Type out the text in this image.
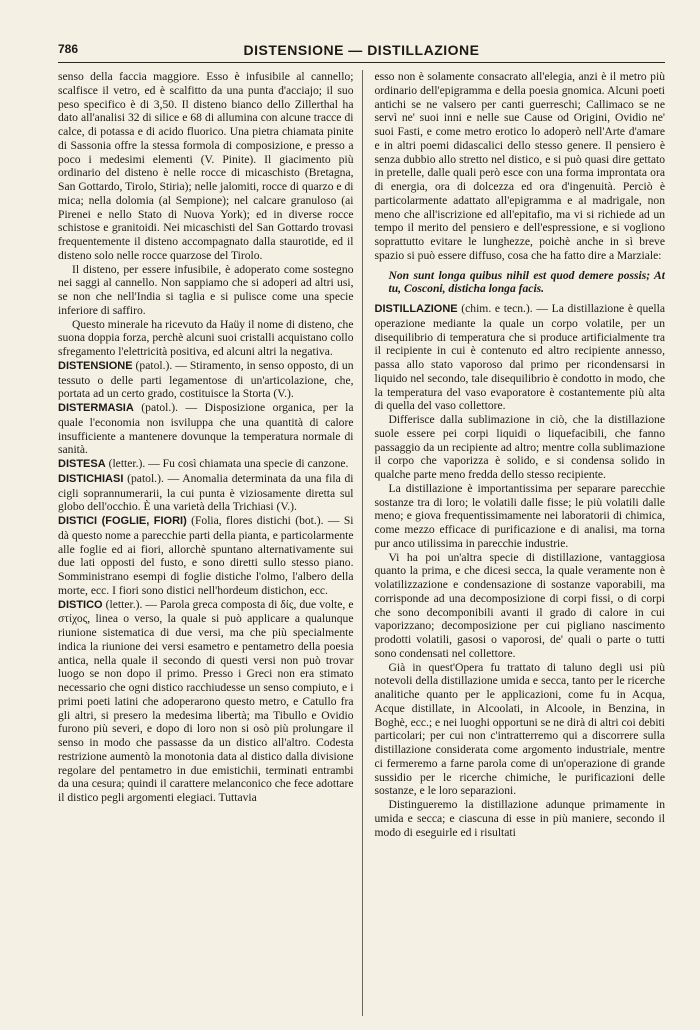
786	DISTENSIONE — DISTILLAZIONE

senso della faccia maggiore. Esso è infusibile al cannello; scalfisce il vetro, ed è scalfitto da una punta d'acciajo; il suo peso specifico è di 3,50. Il disteno bianco dello Zillerthal ha dato all'analisi 32 di silice e 68 di allumina con alcune tracce di calce, di potassa e di acido fluorico. Una pietra chiamata pinite di Sassonia offre la stessa formola di composizione, e presso a poco i medesimi elementi (V. Pinite). Il giacimento più ordinario del disteno è nelle rocce di micaschisto (Bretagna, San Gottardo, Tirolo, Stiria); nelle jalomiti, rocce di quarzo e di mica; nella dolomia (al Sempione); nel calcare granuloso (ai Pirenei e nello Stato di Nuova York); ed in diverse rocce schistose e granitoidi. Nei micaschisti del San Gottardo trovasi frequentemente il disteno accompagnato dalla staurotide, ed il disteno solo nelle rocce quarzose del Tirolo.

Il disteno, per essere infusibile, è adoperato come sostegno nei saggi al cannello. Non sappiamo che si adoperi ad altri usi, se non che nell'India si taglia e si pulisce come una specie inferiore di saffiro.

Questo minerale ha ricevuto da Haüy il nome di disteno, che suona doppia forza, perchè alcuni suoi cristalli acquistano collo sfregamento l'elettricità positiva, ed alcuni altri la negativa.

DISTENSIONE (patol.). — Stiramento, in senso opposto, di un tessuto o delle parti legamentose di un'articolazione, che, portata ad un certo grado, costituisce la Storta (V.).

DISTERMASIA (patol.). — Disposizione organica, per la quale l'economia non isviluppa che una quantità di calore insufficiente a mantenere dovunque la temperatura normale di sanità.

DISTESA (letter.). — Fu così chiamata una specie di canzone.

DISTICHIASI (patol.). — Anomalia determinata da una fila di cigli soprannumerarii, la cui punta è viziosamente diretta sul globo dell'occhio. È una varietà della Trichiasi (V.).

DISTICI (FOGLIE, FIORI) (Folia, flores distichi (bot.). — Si dà questo nome a parecchie parti della pianta, e particolarmente alle foglie ed ai fiori, allorchè spuntano alternativamente sui due lati opposti del fusto, e sono diretti sullo stesso piano. Somministrano esempi di foglie distiche l'olmo, l'albero della morte, ecc. I fiori sono distici nell'hordeum distichon, ecc.

DISTICO (letter.). — Parola greca composta di δίς, due volte, e στίχος, linea o verso, la quale si può applicare a qualunque riunione sistematica di due versi, ma che più specialmente indica la riunione dei versi esametro e pentametro della poesia antica, nella quale il secondo di questi versi non può trovar luogo se non dopo il primo. Presso i Greci non era stimato necessario che ogni distico racchiudesse un senso compiuto, e i primi poeti latini che adoperarono questo metro, e Catullo fra gli altri, si presero la medesima libertà; ma Tibullo e Ovidio furono più severi, e dopo di loro non si osò più prolungare il senso in modo che passasse da un distico all'altro. Codesta restrizione aumentò la monotonia data al distico dalla divisione regolare del pentametro in due emistichii, terminati entrambi da una cesura; quindi il carattere melanconico che fece adottare il distico pegli argomenti elegiaci. Tuttavia

esso non è solamente consacrato all'elegia, anzi è il metro più ordinario dell'epigramma e della poesia gnomica. Alcuni poeti antichi se ne valsero per canti guerreschi; Callimaco se ne servì ne' suoi inni e nelle sue Cause od Origini, Ovidio ne' suoi Fasti, e come metro erotico lo adoperò nell'Arte d'amare e in altri poemi didascalici dello stesso genere. Il pensiero è senza dubbio allo stretto nel distico, e si può quasi dire gettato in pretelle, dalle quali però esce con una forma improntata ora di energia, ora di dolcezza ed ora d'ingenuità. Perciò è particolarmente adattato all'epigramma e al madrigale, non meno che all'iscrizione ed all'epitafio, ma vi si richiede ad un tempo il merito del pensiero e dell'espressione, e si vogliono soprattutto evitare le lunghezze, poichè anche in sì breve spazio si può essere diffuso, cosa che ha fatto dire a Marziale:

Non sunt longa quibus nihil est quod demere possis; At tu, Cosconi, disticha longa facis.

DISTILLAZIONE (chim. e tecn.). — La distillazione è quella operazione mediante la quale un corpo volatile, per un disequilibrio di temperatura che si produce artificialmente tra il recipiente in cui è contenuto ed altro recipiente annesso, passa allo stato vaporoso dal primo per ricondensarsi in liquido nel secondo, tale disequilibrio è condotto in modo, che la temperatura del vaso evaporatore è costantemente più alta di quella del vaso collettore.

Differisce dalla sublimazione in ciò, che la distillazione suole essere pei corpi liquidi o liquefacibili, che fanno passaggio da un recipiente ad altro; mentre colla sublimazione il corpo che vaporizza è solido, e si condensa solido in qualche parte meno fredda dello stesso recipiente.

La distillazione è importantissima per separare parecchie sostanze tra di loro; le volatili dalle fisse; le più volatili dalle meno; e giova frequentissimamente nei laboratorii di chimica, come mezzo efficace di purificazione e di analisi, ma torna pur anco utilissima in parecchie industrie.

Vi ha poi un'altra specie di distillazione, vantaggiosa quanto la prima, e che dicesi secca, la quale veramente non è volatilizzazione e condensazione di sostanze vaporabili, ma corrisponde ad una decomposizione di corpi fissi, o di corpi che sono decomponibili avanti il grado di calore in cui vaporizzano; decomposizione per cui pigliano nascimento prodotti volatili, gasosi o vaporosi, de' quali o parte o tutti sono condensati nel collettore.

Già in quest'Opera fu trattato di taluno degli usi più notevoli della distillazione umida e secca, tanto per le ricerche analitiche quanto per le applicazioni, come fu in Acqua, Acque distillate, in Alcoolati, in Alcoole, in Benzina, in Boghè, ecc.; e nei luoghi opportuni se ne dirà di altri coi debiti particolari; per cui non c'intratterremo qui a discorrere sulla distillazione considerata come argomento industriale, mentre ci fermeremo a farne parola come di un'operazione di grande sussidio per le ricerche chimiche, le purificazioni delle sostanze, e le loro separazioni.

Distingueremo la distillazione adunque primamente in umida e secca; e ciascuna di esse in più maniere, secondo il modo di eseguirle ed i risultati
